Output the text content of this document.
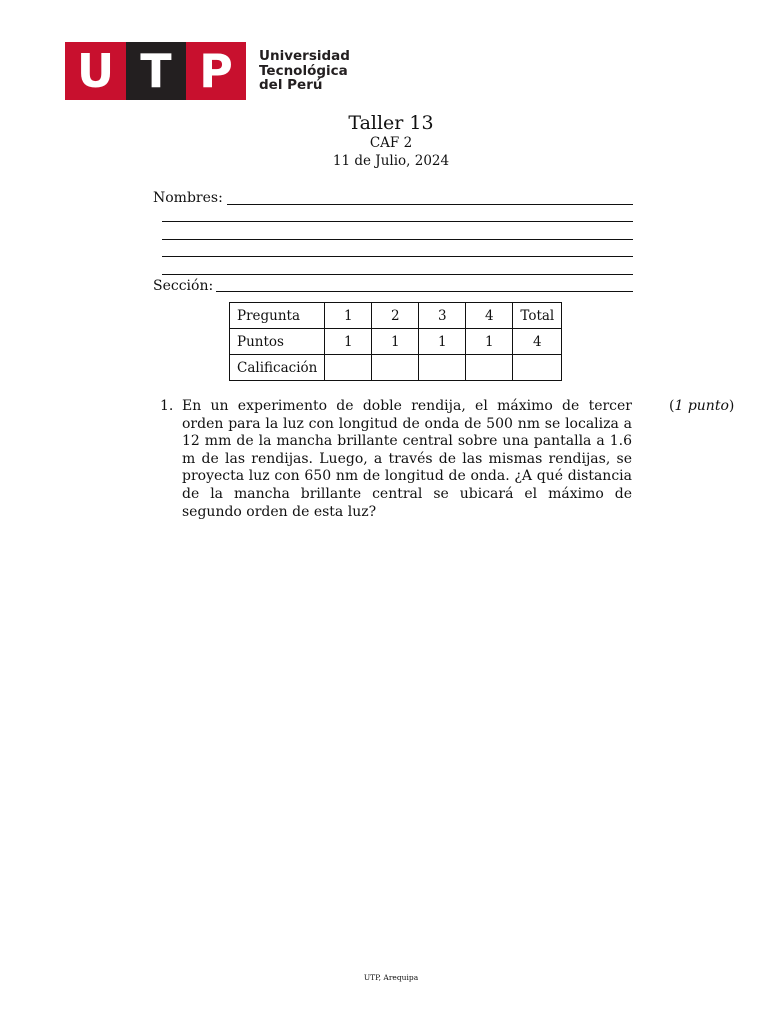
U T P	Universidad
Tecnológica
del Perú
Taller 13
CAF 2
11 de Julio, 2024
Nombres:
Sección:
Pregunta	1	2	3	4	Total
Puntos	1	1	1	1	4
Calificación					
1. En un experimento de doble rendija, el máximo de tercer orden para la luz con longitud de onda de 500 nm se localiza a 12 mm de la mancha brillante central sobre una pantalla a 1.6 m de las rendijas. Luego, a través de las mismas rendijas, se proyecta luz con 650 nm de longitud de onda. ¿A qué distancia de la mancha brillante central se ubicará el máximo de segundo orden de esta luz?
(1 punto)
UTP, Arequipa
